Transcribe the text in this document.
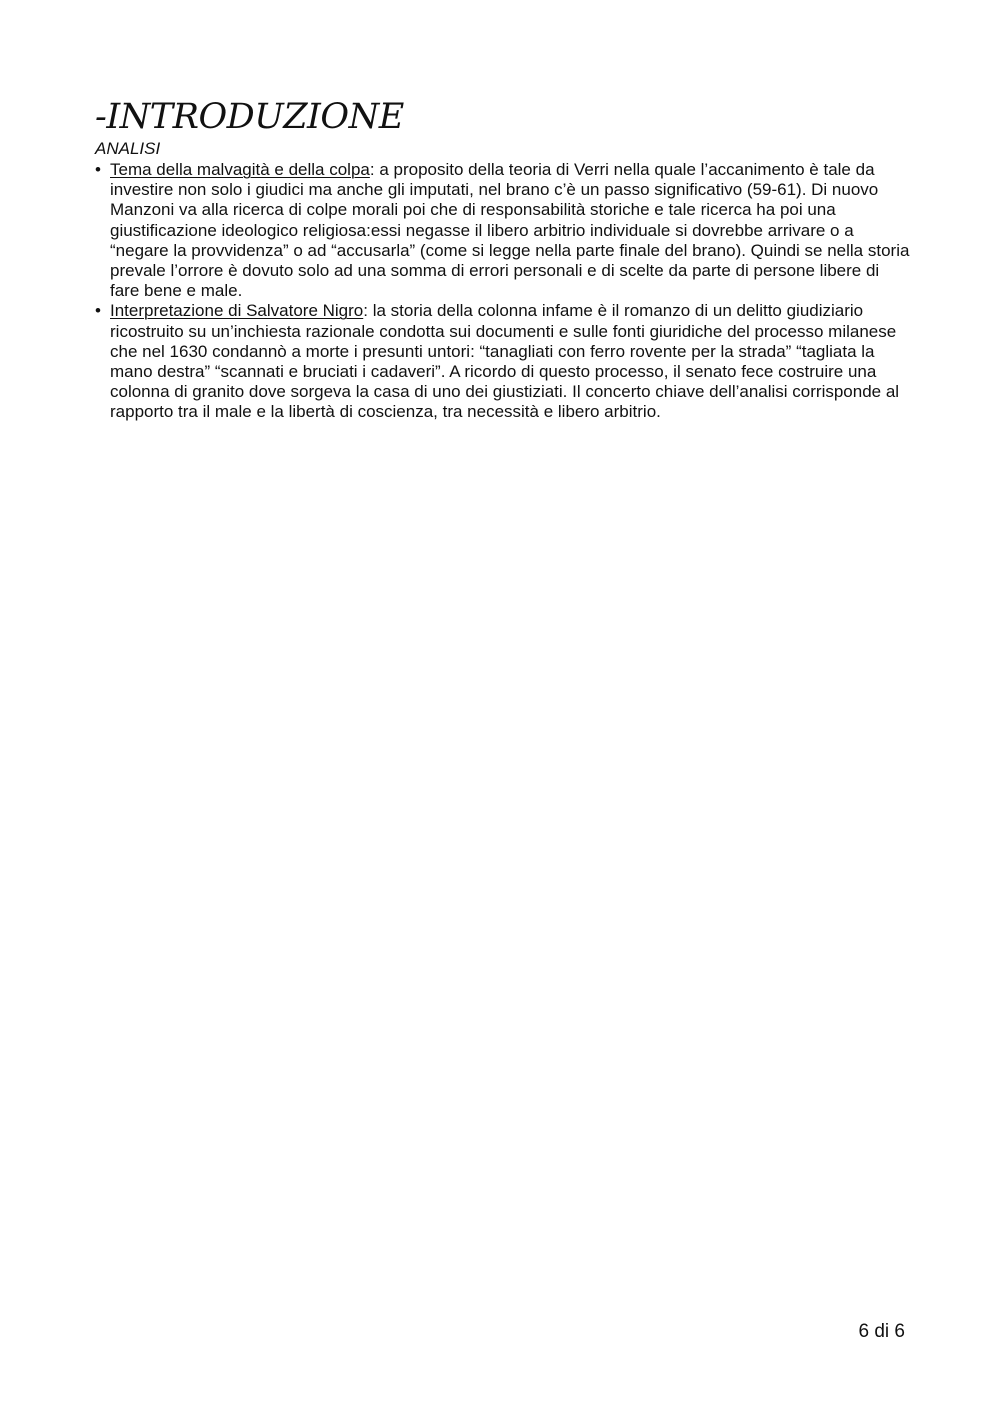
-INTRODUZIONE
ANALISI
• Tema della malvagità e della colpa: a proposito della teoria di Verri nella quale l’accanimento è tale da investire non solo i giudici ma anche gli imputati, nel brano c’è un passo significativo (59-61). Di nuovo Manzoni va alla ricerca di colpe morali poi che di responsabilità storiche e tale ricerca ha poi una giustificazione ideologico religiosa:essi negasse il libero arbitrio individuale si dovrebbe arrivare o a “negare la provvidenza” o ad “accusarla” (come si legge nella parte finale del brano). Quindi se nella storia prevale l’orrore è dovuto solo ad una somma di errori personali e di scelte da parte di persone libere di fare bene e male.
• Interpretazione di Salvatore Nigro: la storia della colonna infame è il romanzo di un delitto giudiziario ricostruito su un’inchiesta razionale condotta sui documenti e sulle fonti giuridiche del processo milanese che nel 1630 condannò a morte i presunti untori: “tanagliati con ferro rovente per la strada” “tagliata la mano destra” “scannati e bruciati i cadaveri”. A ricordo di questo processo, il senato fece costruire una colonna di granito dove sorgeva la casa di uno dei giustiziati. Il concerto chiave dell’analisi corrisponde al rapporto tra il male e la libertà di coscienza, tra necessità e libero arbitrio.
6 di 6
